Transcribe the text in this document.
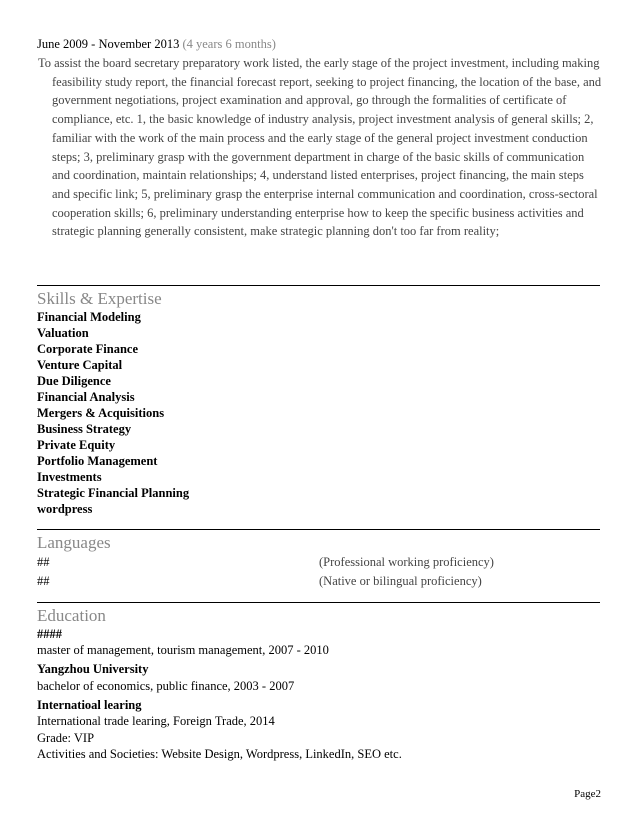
June 2009 - November 2013 (4 years 6 months)
To assist the board secretary preparatory work listed, the early stage of the project investment, including making feasibility study report, the financial forecast report, seeking to project financing, the location of the base, and government negotiations, project examination and approval, go through the formalities of certificate of compliance, etc. 1, the basic knowledge of industry analysis, project investment analysis of general skills; 2, familiar with the work of the main process and the early stage of the general project investment conduction steps; 3, preliminary grasp with the government department in charge of the basic skills of communication and coordination, maintain relationships; 4, understand listed enterprises, project financing, the main steps and specific link; 5, preliminary grasp the enterprise internal communication and coordination, cross-sectoral cooperation skills; 6, preliminary understanding enterprise how to keep the specific business activities and strategic planning generally consistent, make strategic planning don't too far from reality;
Skills & Expertise
Financial Modeling
Valuation
Corporate Finance
Venture Capital
Due Diligence
Financial Analysis
Mergers & Acquisitions
Business Strategy
Private Equity
Portfolio Management
Investments
Strategic Financial Planning
wordpress
Languages
##	(Professional working proficiency)
##	(Native or bilingual proficiency)
Education
####
master of management, tourism management, 2007 - 2010
Yangzhou University
bachelor of economics, public finance, 2003 - 2007
Internatioal learing
International trade learing, Foreign Trade, 2014
Grade: VIP
Activities and Societies: Website Design, Wordpress, LinkedIn, SEO etc.
Page2
